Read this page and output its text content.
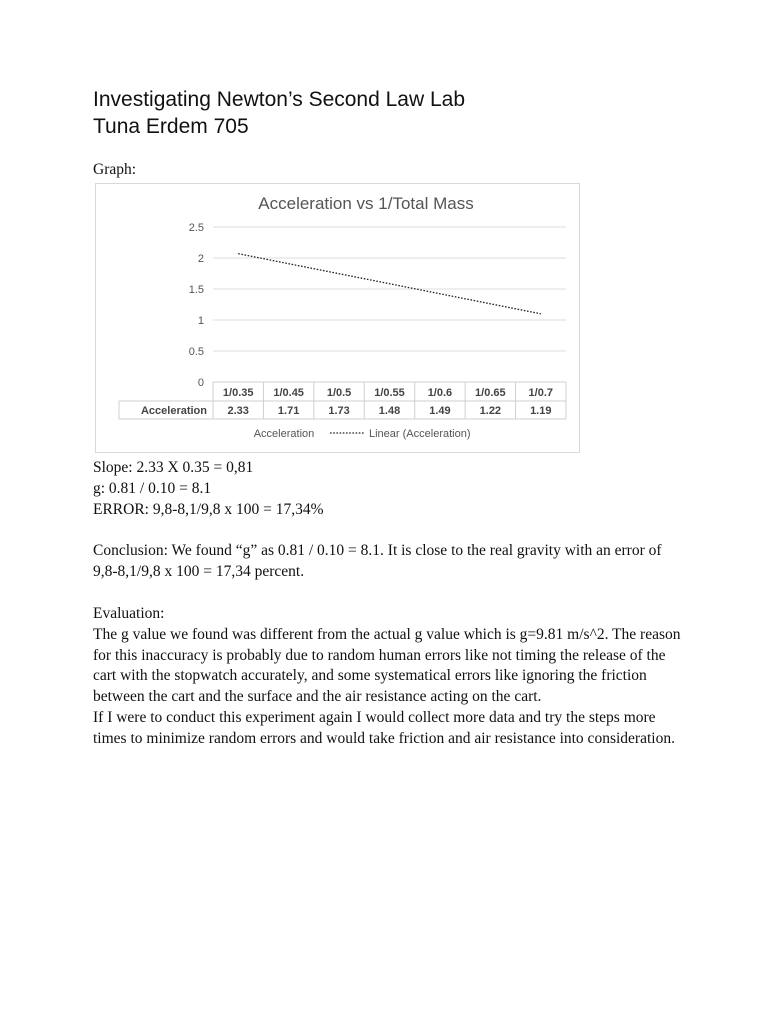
Investigating Newton’s Second Law Lab
Tuna Erdem 705
Graph:
Acceleration vs 1/Total Mass
2.5
2
1.5
1
0.5
0
Acceleration
1/0.35
2.33
1/0.45
1.71
1/0.5
1.73
1/0.55
1.48
1/0.6
1.49
1/0.65
1.22
1/0.7
1.19
Acceleration	Linear (Acceleration)

Slope: 2.33 X 0.35 = 0,81

g: 0.81 / 0.10 = 8.1

ERROR: 9,8-8,1/9,8 x 100 = 17,34%

Conclusion: We found “g” as 0.81 / 0.10 = 8.1. It is close to the real gravity with an error of 9,8-8,1/9,8 x 100 = 17,34 percent.

Evaluation:

The g value we found was different from the actual g value which is g=9.81 m/s^2. The reason for this inaccuracy is probably due to random human errors like not timing the release of the cart with the stopwatch accurately, and some systematical errors like ignoring the friction between the cart and the surface and the air resistance acting on the cart.

If I were to conduct this experiment again I would collect more data and try the steps more times to minimize random errors and would take friction and air resistance into consideration.
